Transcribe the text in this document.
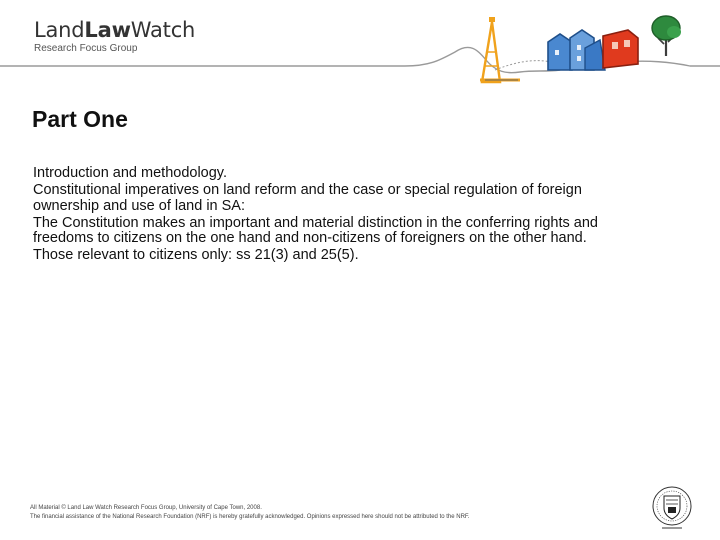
LandLawWatch
Research Focus Group
Part One

Introduction and methodology.

Constitutional imperatives on land reform and the case or special regulation of foreign ownership and use of land in SA:

The Constitution makes an important and material distinction in the conferring rights and freedoms to citizens on the one hand and non-citizens of foreigners on the other hand.

Those relevant to citizens only: ss 21(3) and 25(5).

All Material © Land Law Watch Research Focus Group, University of Cape Town, 2008.
The financial assistance of the National Research Foundation (NRF) is hereby gratefully acknowledged. Opinions expressed here should not be attributed to the NRF.
